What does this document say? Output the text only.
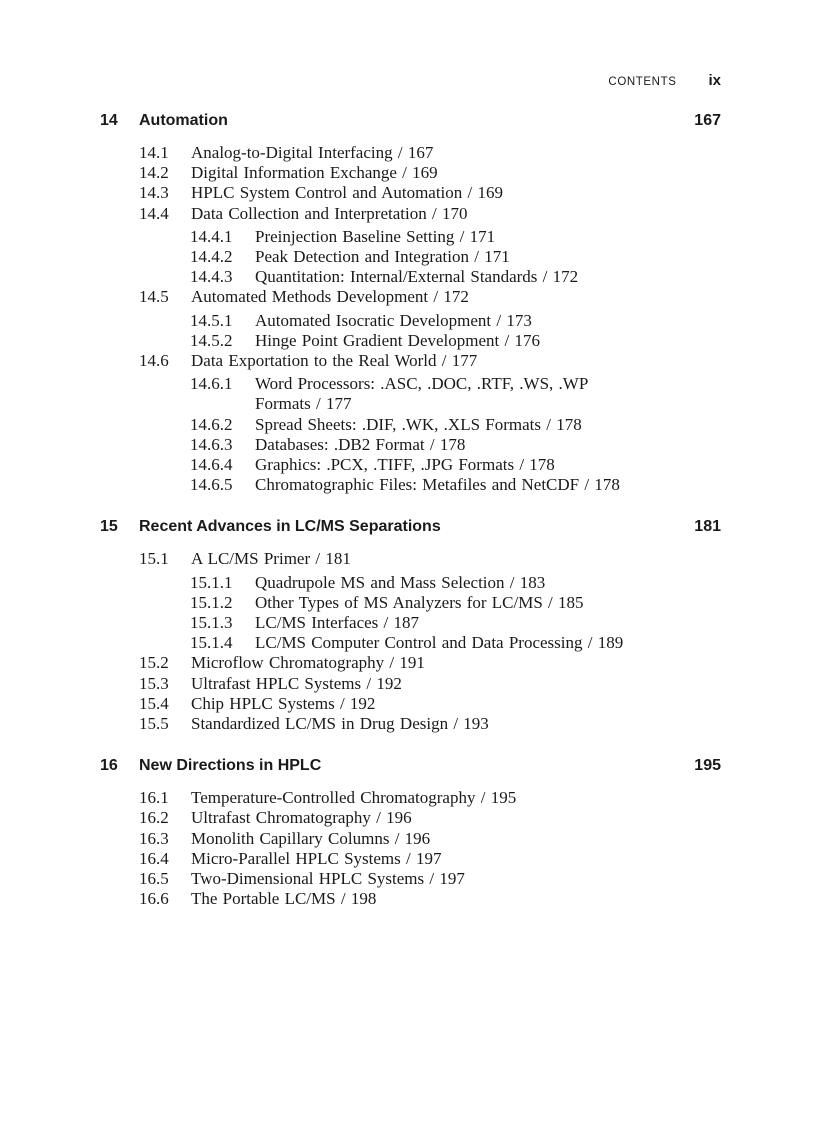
CONTENTS ix
14	Automation	167
14.1	Analog-to-Digital Interfacing / 167
14.2	Digital Information Exchange / 169
14.3	HPLC System Control and Automation / 169
14.4	Data Collection and Interpretation / 170
14.4.1	Preinjection Baseline Setting / 171
14.4.2	Peak Detection and Integration / 171
14.4.3	Quantitation: Internal/External Standards / 172
14.5	Automated Methods Development / 172
14.5.1	Automated Isocratic Development / 173
14.5.2	Hinge Point Gradient Development / 176
14.6	Data Exportation to the Real World / 177
14.6.1	Word Processors: .ASC, .DOC, .RTF, .WS, .WP
Formats / 177
14.6.2	Spread Sheets: .DIF, .WK, .XLS Formats / 178
14.6.3	Databases: .DB2 Format / 178
14.6.4	Graphics: .PCX, .TIFF, .JPG Formats / 178
14.6.5	Chromatographic Files: Metafiles and NetCDF / 178
15	Recent Advances in LC/MS Separations	181
15.1	A LC/MS Primer / 181
15.1.1	Quadrupole MS and Mass Selection / 183
15.1.2	Other Types of MS Analyzers for LC/MS / 185
15.1.3	LC/MS Interfaces / 187
15.1.4	LC/MS Computer Control and Data Processing / 189
15.2	Microflow Chromatography / 191
15.3	Ultrafast HPLC Systems / 192
15.4	Chip HPLC Systems / 192
15.5	Standardized LC/MS in Drug Design / 193
16	New Directions in HPLC	195
16.1	Temperature-Controlled Chromatography / 195
16.2	Ultrafast Chromatography / 196
16.3	Monolith Capillary Columns / 196
16.4	Micro-Parallel HPLC Systems / 197
16.5	Two-Dimensional HPLC Systems / 197
16.6	The Portable LC/MS / 198
